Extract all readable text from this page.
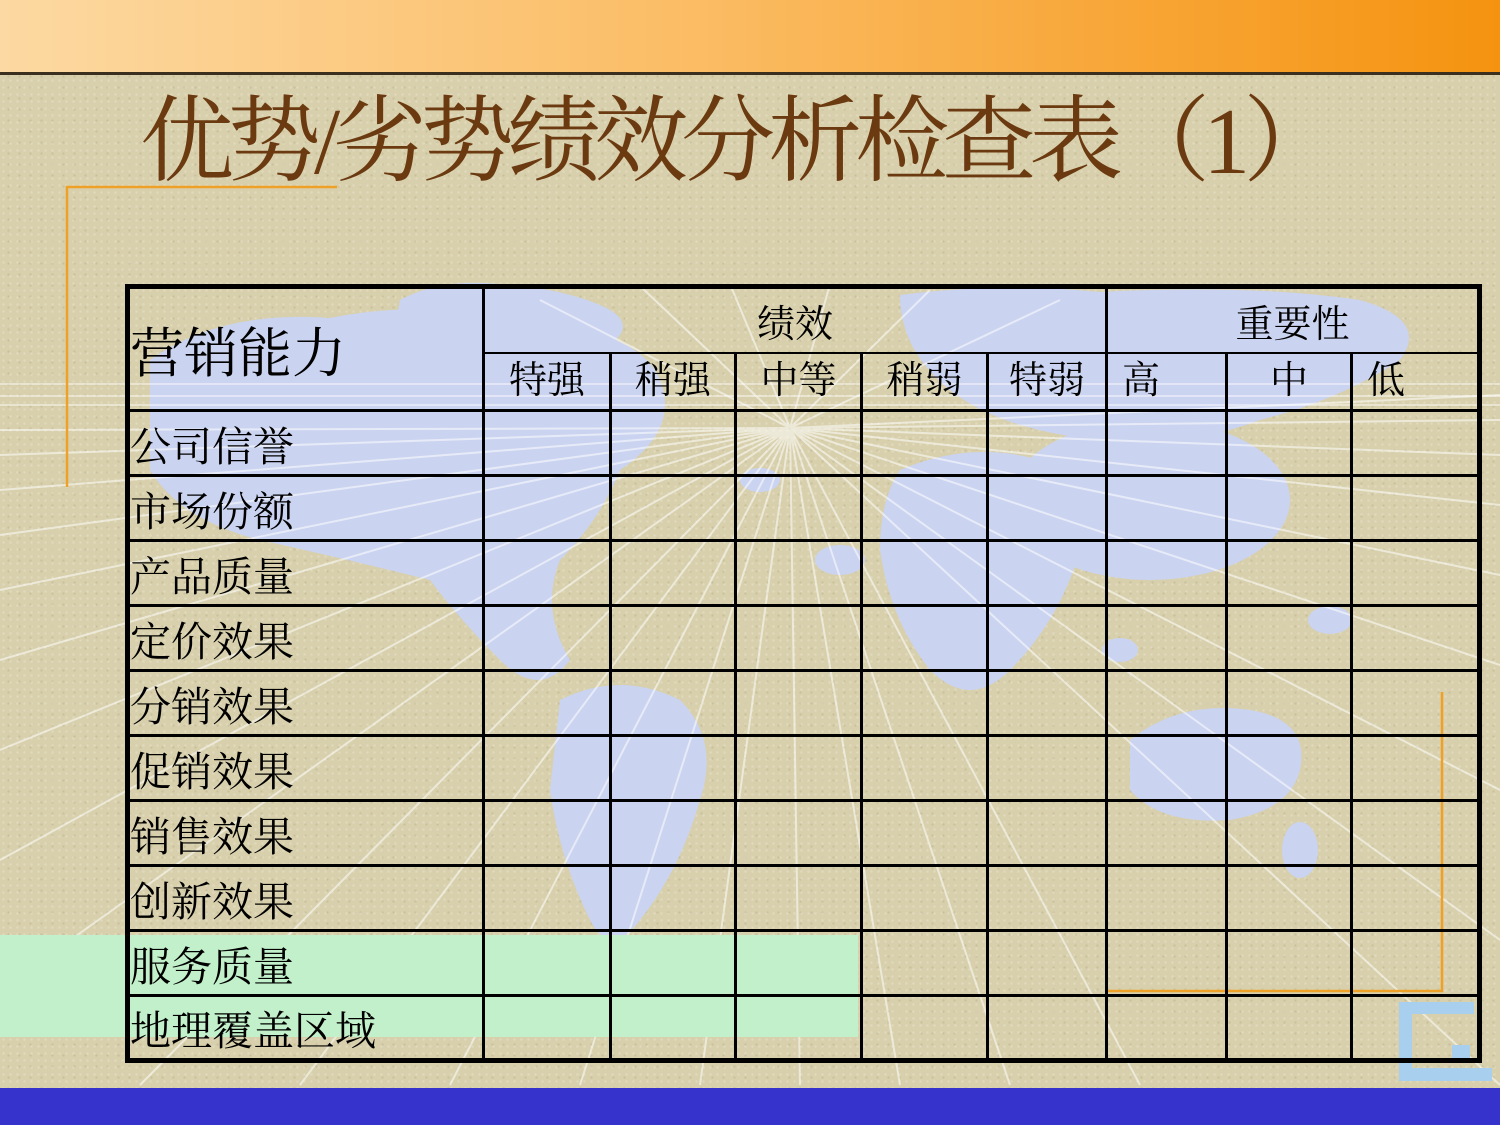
优势/劣势绩效分析检查表（1）
营销能力	绩效					重要性		
	特强	稍强	中等	稍弱	特弱	高	中	低
公司信誉								
市场份额								
产品质量								
定价效果								
分销效果								
促销效果								
销售效果								
创新效果								
服务质量								
地理覆盖区域								
